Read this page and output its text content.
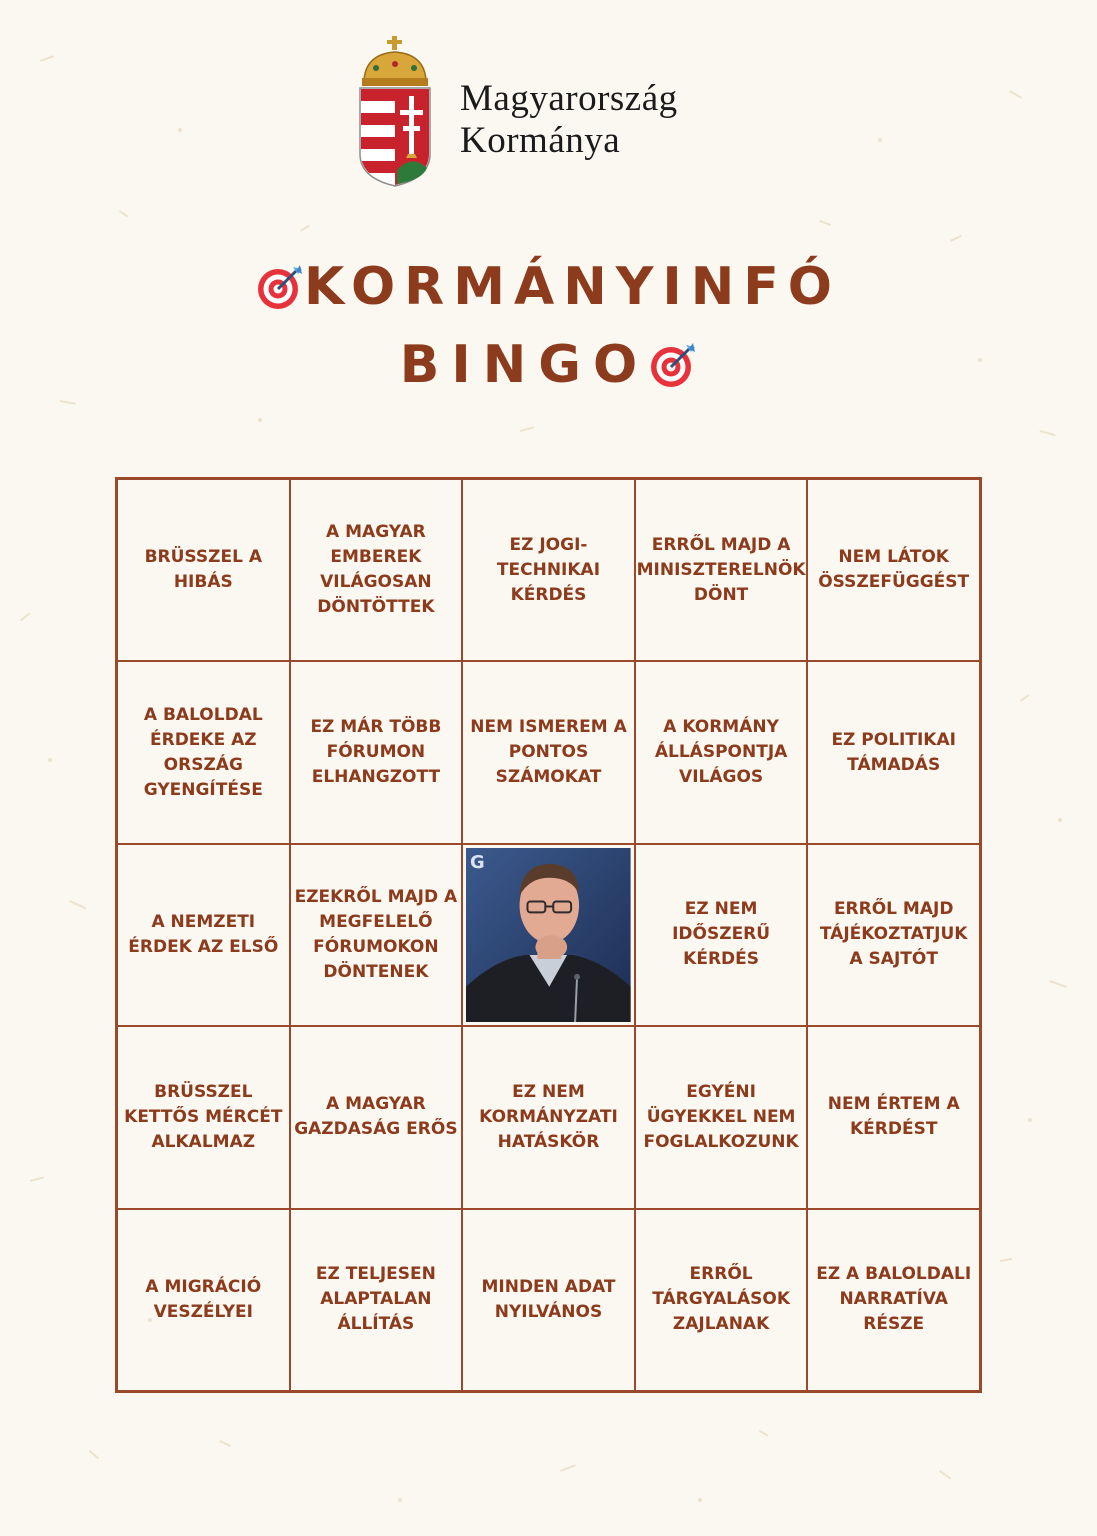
Magyarország
Kormánya
KORMÁNYINFÓ
BINGO
BRÜSSZEL A HIBÁS
A MAGYAR EMBEREK VILÁGOSAN DÖNTÖTTEK
EZ JOGI-TECHNIKAI KÉRDÉS
ERRŐL MAJD A MINISZTERELNÖK DÖNT
NEM LÁTOK ÖSSZEFÜGGÉST
A BALOLDAL ÉRDEKE AZ ORSZÁG GYENGÍTÉSE
EZ MÁR TÖBB FÓRUMON ELHANGZOTT
NEM ISMEREM A PONTOS SZÁMOKAT
A KORMÁNY ÁLLÁSPONTJA VILÁGOS
EZ POLITIKAI TÁMADÁS
A NEMZETI ÉRDEK AZ ELSŐ
EZEKRŐL MAJD A MEGFELELŐ FÓRUMOKON DÖNTENEK
G
EZ NEM IDŐSZERŰ KÉRDÉS
ERRŐL MAJD TÁJÉKOZTATJUK A SAJTÓT
BRÜSSZEL KETTŐS MÉRCÉT ALKALMAZ
A MAGYAR GAZDASÁG ERŐS
EZ NEM KORMÁNYZATI HATÁSKÖR
EGYÉNI ÜGYEKKEL NEM FOGLALKOZUNK
NEM ÉRTEM A KÉRDÉST
A MIGRÁCIÓ VESZÉLYEI
EZ TELJESEN ALAPTALAN ÁLLÍTÁS
MINDEN ADAT NYILVÁNOS
ERRŐL TÁRGYALÁSOK ZAJLANAK
EZ A BALOLDALI NARRATÍVA RÉSZE
